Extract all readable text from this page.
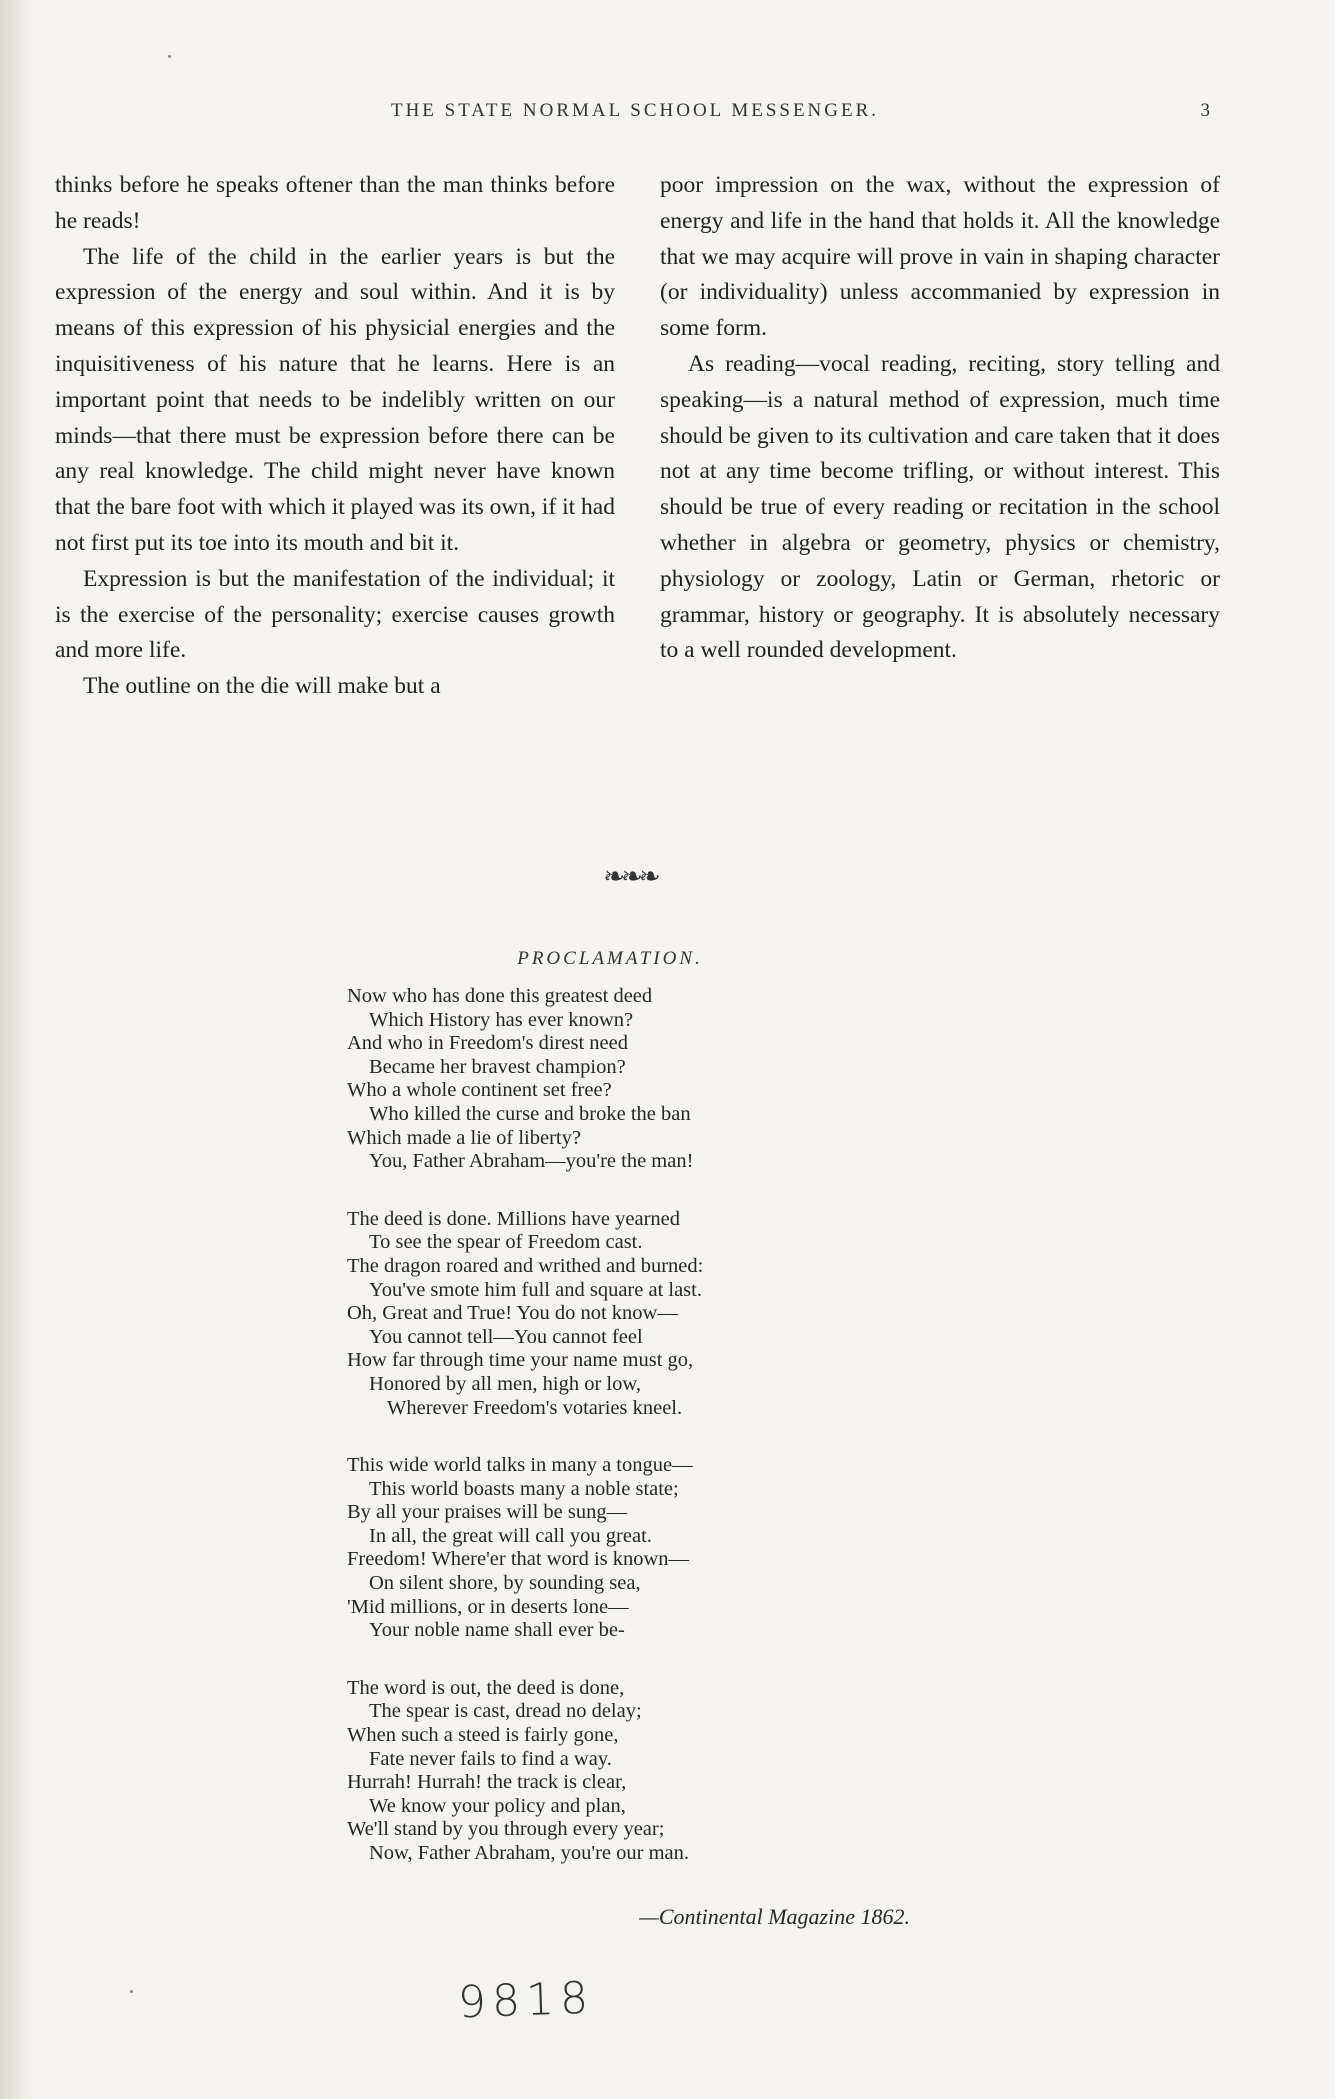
THE STATE NORMAL SCHOOL MESSENGER.	3

thinks before he speaks oftener than the man thinks before he reads!

The life of the child in the earlier years is but the expression of the energy and soul within. And it is by means of this expression of his physicial energies and the inquisitiveness of his nature that he learns. Here is an important point that needs to be indelibly written on our minds—that there must be expression before there can be any real knowledge. The child might never have known that the bare foot with which it played was its own, if it had not first put its toe into its mouth and bit it.

Expression is but the manifestation of the individual; it is the exercise of the personality; exercise causes growth and more life.

The outline on the die will make but a

poor impression on the wax, without the expression of energy and life in the hand that holds it. All the knowledge that we may acquire will prove in vain in shaping character (or individuality) unless accommanied by expression in some form.

As reading—vocal reading, reciting, story telling and speaking—is a natural method of expression, much time should be given to its cultivation and care taken that it does not at any time become trifling, or without interest. This should be true of every reading or recitation in the school whether in algebra or geometry, physics or chemistry, physiology or zoology, Latin or German, rhetoric or grammar, history or geography. It is absolutely necessary to a well rounded development.

❧❧❧
PROCLAMATION.
Now who has done this greatest deed
Which History has ever known?
And who in Freedom's direst need
Became her bravest champion?
Who a whole continent set free?
Who killed the curse and broke the ban
Which made a lie of liberty?
You, Father Abraham—you're the man!
The deed is done. Millions have yearned
To see the spear of Freedom cast.
The dragon roared and writhed and burned:
You've smote him full and square at last.
Oh, Great and True! You do not know—
You cannot tell—You cannot feel
How far through time your name must go,
Honored by all men, high or low,
Wherever Freedom's votaries kneel.
This wide world talks in many a tongue—
This world boasts many a noble state;
By all your praises will be sung—
In all, the great will call you great.
Freedom! Where'er that word is known—
On silent shore, by sounding sea,
'Mid millions, or in deserts lone—
Your noble name shall ever be-
The word is out, the deed is done,
The spear is cast, dread no delay;
When such a steed is fairly gone,
Fate never fails to find a way.
Hurrah! Hurrah! the track is clear,
We know your policy and plan,
We'll stand by you through every year;
Now, Father Abraham, you're our man.
—Continental Magazine 1862.
9818
